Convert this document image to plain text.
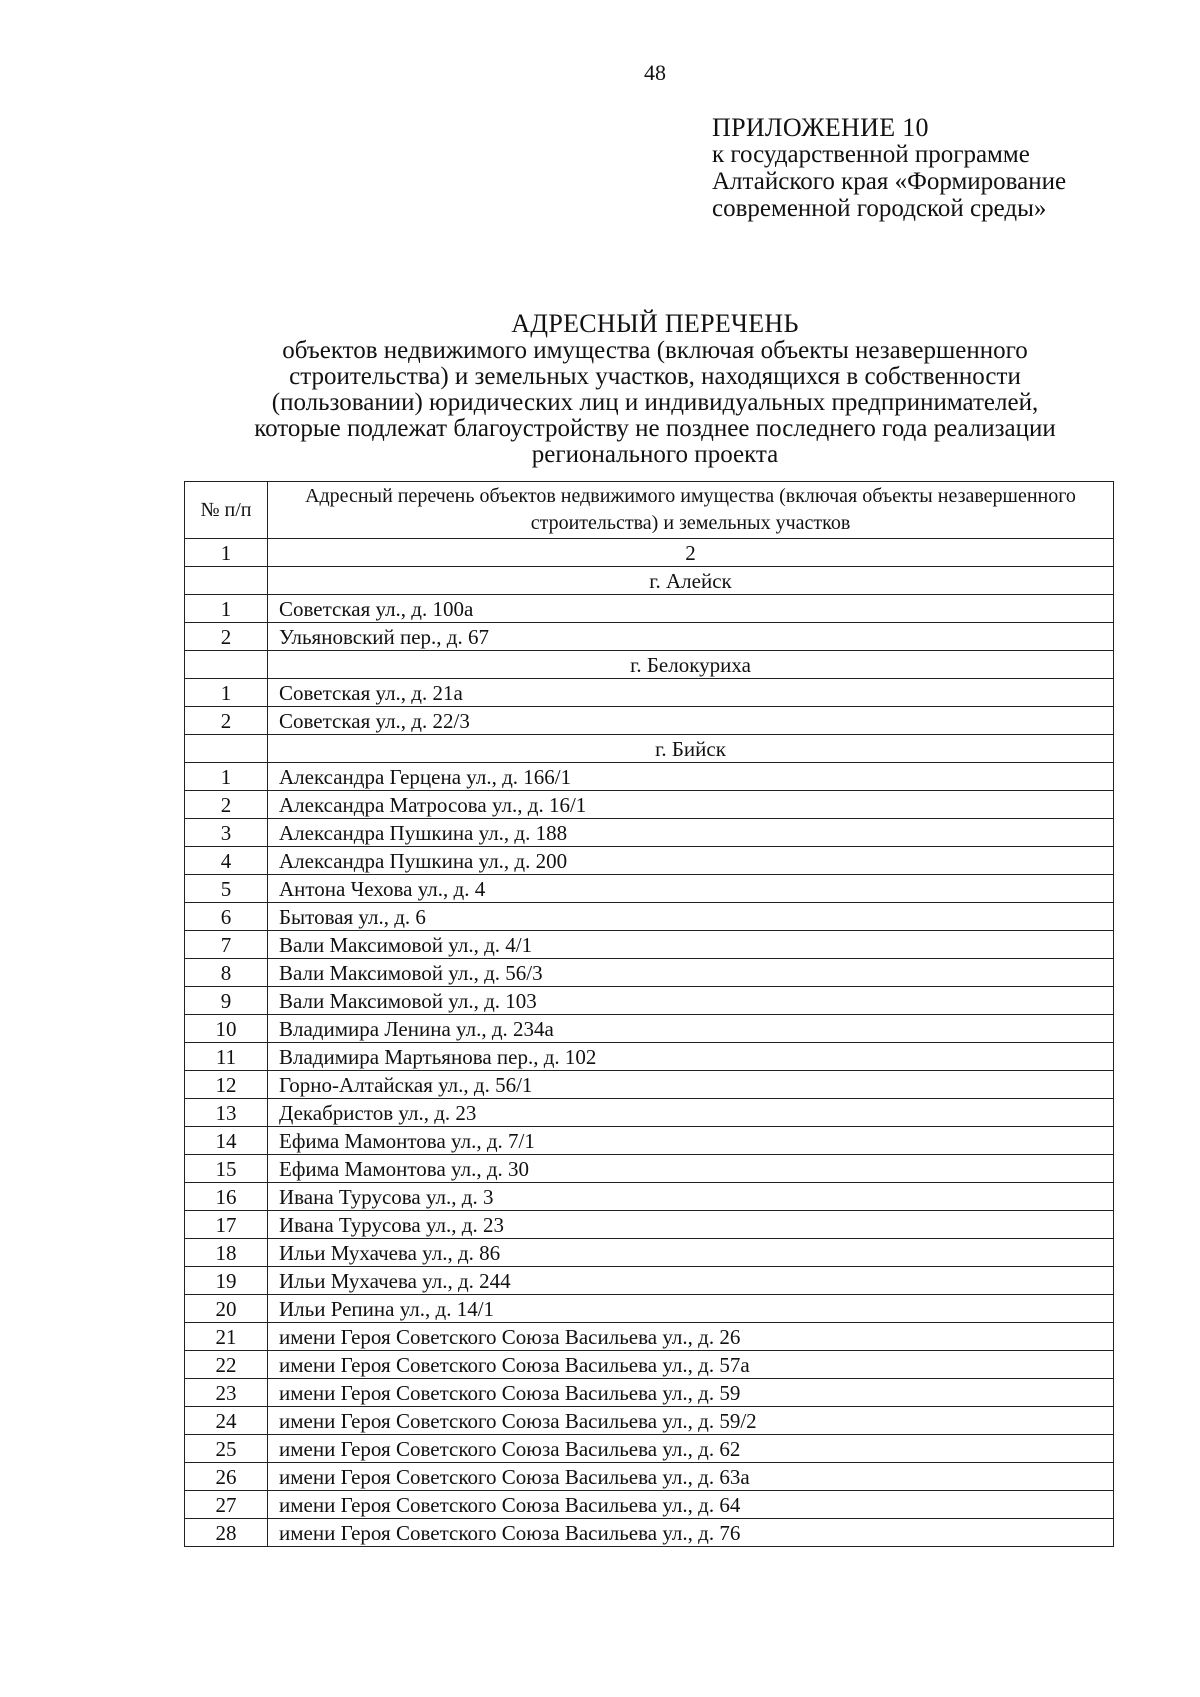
48
ПРИЛОЖЕНИЕ 10
к государственной программе
Алтайского края «Формирование
современной городской среды»
АДРЕСНЫЙ ПЕРЕЧЕНЬ
объектов недвижимого имущества (включая объекты незавершенного
строительства) и земельных участков, находящихся в собственности
(пользовании) юридических лиц и индивидуальных предпринимателей,
которые подлежат благоустройству не позднее последнего года реализации
регионального проекта
№ п/п	Адресный перечень объектов недвижимого имущества (включая объекты незавершенного строительства) и земельных участков
1	2
	г. Алейск
1	Советская ул., д. 100а
2	Ульяновский пер., д. 67
	г. Белокуриха
1	Советская ул., д. 21а
2	Советская ул., д. 22/3
	г. Бийск
1	Александра Герцена ул., д. 166/1
2	Александра Матросова ул., д. 16/1
3	Александра Пушкина ул., д. 188
4	Александра Пушкина ул., д. 200
5	Антона Чехова ул., д. 4
6	Бытовая ул., д. 6
7	Вали Максимовой ул., д. 4/1
8	Вали Максимовой ул., д. 56/3
9	Вали Максимовой ул., д. 103
10	Владимира Ленина ул., д. 234а
11	Владимира Мартьянова пер., д. 102
12	Горно-Алтайская ул., д. 56/1
13	Декабристов ул., д. 23
14	Ефима Мамонтова ул., д. 7/1
15	Ефима Мамонтова ул., д. 30
16	Ивана Турусова ул., д. 3
17	Ивана Турусова ул., д. 23
18	Ильи Мухачева ул., д. 86
19	Ильи Мухачева ул., д. 244
20	Ильи Репина ул., д. 14/1
21	имени Героя Советского Союза Васильева ул., д. 26
22	имени Героя Советского Союза Васильева ул., д. 57а
23	имени Героя Советского Союза Васильева ул., д. 59
24	имени Героя Советского Союза Васильева ул., д. 59/2
25	имени Героя Советского Союза Васильева ул., д. 62
26	имени Героя Советского Союза Васильева ул., д. 63а
27	имени Героя Советского Союза Васильева ул., д. 64
28	имени Героя Советского Союза Васильева ул., д. 76
